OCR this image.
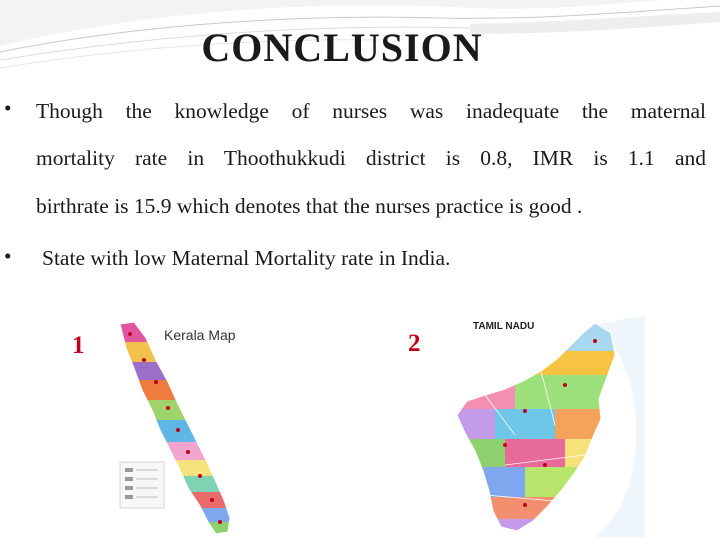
CONCLUSION
• Though the knowledge of nurses was inadequate the maternal
mortality rate in Thoothukkudi district is 0.8, IMR is 1.1 and
birthrate is 15.9 which denotes that the nurses practice is good .
• State with low Maternal Mortality rate in India.
1	2
Kerala Map
TAMIL NADU
